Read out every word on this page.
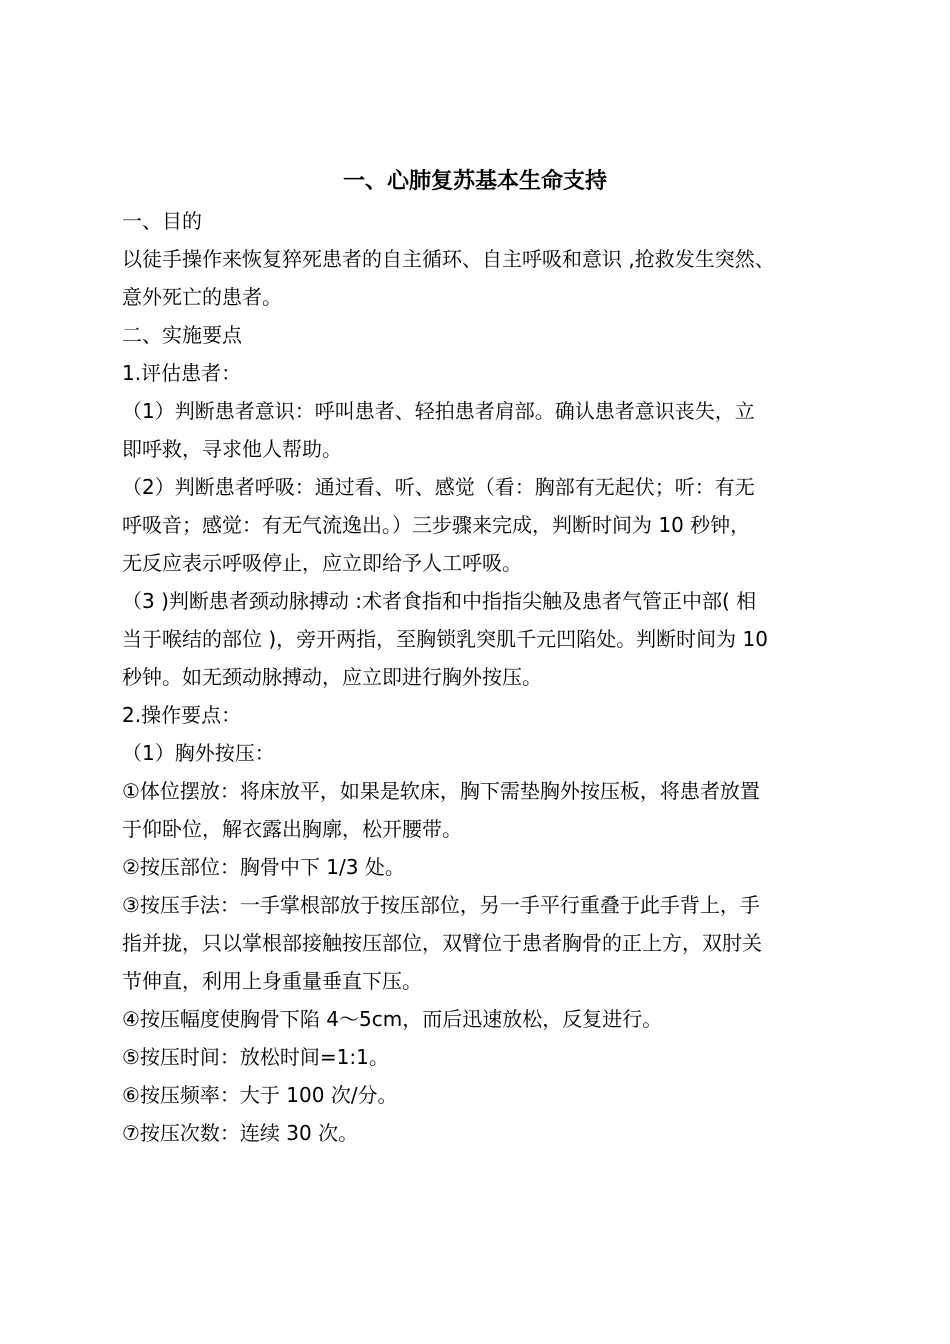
一、心肺复苏基本生命支持
一、目的
以徒手操作来恢复猝死患者的自主循环、自主呼吸和意识 ,抢救发生突然、
意外死亡的患者。
二、实施要点
1.评估患者：
（1）判断患者意识：呼叫患者、轻拍患者肩部。确认患者意识丧失，立
即呼救，寻求他人帮助。
（2）判断患者呼吸：通过看、听、感觉（看：胸部有无起伏；听：有无
呼吸音；感觉：有无气流逸出。）三步骤来完成，判断时间为 10 秒钟，
无反应表示呼吸停止，应立即给予人工呼吸。
（3 )判断患者颈动脉搏动 :术者食指和中指指尖触及患者气管正中部( 相
当于喉结的部位 )，旁开两指，至胸锁乳突肌千元凹陷处。判断时间为 10
秒钟。如无颈动脉搏动，应立即进行胸外按压。
2.操作要点：
（1）胸外按压：
①体位摆放：将床放平，如果是软床，胸下需垫胸外按压板，将患者放置
于仰卧位，解衣露出胸廓，松开腰带。
②按压部位：胸骨中下 1/3 处。
③按压手法：一手掌根部放于按压部位，另一手平行重叠于此手背上，手
指并拢，只以掌根部接触按压部位，双臂位于患者胸骨的正上方，双肘关
节伸直，利用上身重量垂直下压。
④按压幅度使胸骨下陷 4～5cm，而后迅速放松，反复进行。
⑤按压时间：放松时间=1:1。
⑥按压频率：大于 100 次/分。
⑦按压次数：连续 30 次。
